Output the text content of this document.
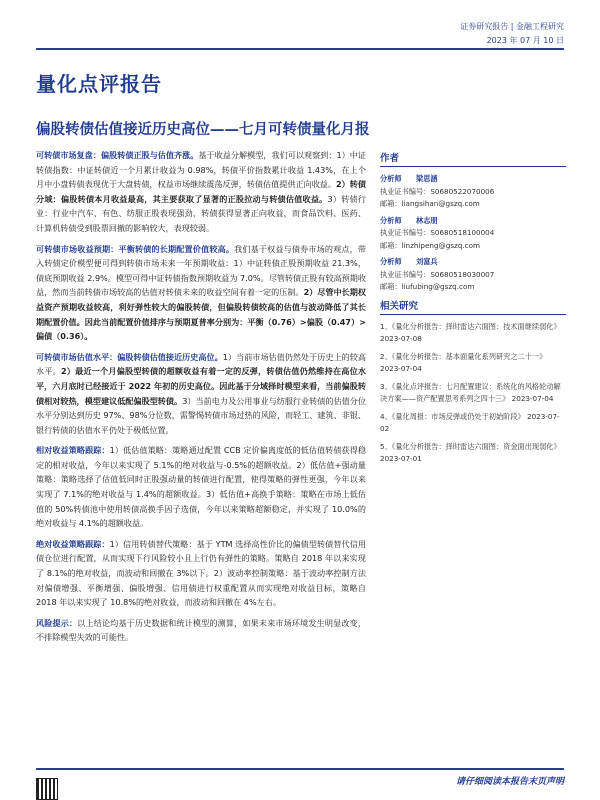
证券研究报告 | 金融工程研究
2023 年 07 月 10 日
量化点评报告
偏股转债估值接近历史高位——七月可转债量化月报

可转债市场复盘：偏股转债正股与估值齐涨。基于收益分解模型，我们可以观察到：1）中证转债指数：中证转债近一个月累计收益为 0.98%，转债平价指数累计收益 1.43%，在上个月中小盘转债表现优于大盘转债，权益市场继续震荡反弹，转债估值提供正向收益。2）转债分域：偏股转债本月收益最高，其主要获取了显著的正股拉动与转债估值收益。3）转债行业：行业中汽车、有色、纺服正股表现强劲，转债获得显著正向收益，而食品饮料、医药、计算机转债受到股票回撤的影响较大，表现较弱。

可转债市场收益预期：平衡转债的长期配置价值较高。我们基于权益与债券市场的观点，带入转债定价模型便可得到转债市场未来一年预期收益：1）中证转债正股预期收益 21.3%，债底预期收益 2.9%。模型可得中证转债指数预期收益为 7.0%。尽管转债正股有较高预期收益，然而当前转债市场较高的估值对转债未来的收益空间有着一定的压制。2）尽管中长期权益资产预期收益较高，利好弹性较大的偏股转债，但偏股转债较高的估值与波动降低了其长期配置价值。因此当前配置价值排序与预期夏普率分别为：平衡（0.76）>偏股（0.47）>偏债（0.36）。

可转债市场估值水平：偏股转债估值接近历史高位。1）当前市场估值仍然处于历史上的较高水平。2）最近一个月偏股型转债的超额收益有着一定的反弹，转债估值仍然维持在高位水平，六月底时已经接近于 2022 年初的历史高位。因此基于分域择时模型来看，当前偏股转债相对较热，模型建议低配偏股型转债。3）当前电力及公用事业与纺服行业转债的估值分位水平分别达到历史 97%、98%分位数，需警惕转债市场过热的风险，而轻工、建筑、非银、银行转债的估值水平仍处于极低位置。

相对收益策略跟踪：1）低估值策略：策略通过配置 CCB 定价偏离度低的低估值转债获得稳定的相对收益，今年以来实现了 5.1%的绝对收益与-0.5%的超额收益。2）低估值+强动量策略：策略选择了估值低同时正股强动量的转债进行配置，使得策略的弹性更强，今年以来实现了 7.1%的绝对收益与 1.4%的超额收益。3）低估值+高换手策略：策略在市场上低估值的 50%转债池中使用转债高换手因子选债，今年以来策略超额稳定，并实现了 10.0%的绝对收益与 4.1%的超额收益。

绝对收益策略跟踪：1）信用转债替代策略：基于 YTM 选择高性价比的偏债型转债替代信用债仓位进行配置，从而实现下行风险较小且上行仍有弹性的策略。策略自 2018 年以来实现了 8.1%的绝对收益，而波动和回撤在 3%以下。2）波动率控制策略：基于波动率控制方法对偏债增强、平衡增强、偏股增强、信用债进行权重配置从而实现绝对收益目标，策略自 2018 年以来实现了 10.8%的绝对收益，而波动和回撤在 4%左右。

风险提示：以上结论均基于历史数据和统计模型的测算，如果未来市场环境发生明显改变，不排除模型失效的可能性。

作者
分析师 梁思涵
执业证书编号：S0680522070006
邮箱：liangsihan@gszq.com
分析师 林志朋
执业证书编号：S0680518100004
邮箱：linzhipeng@gszq.com
分析师 刘富兵
执业证书编号：S0680518030007
邮箱：liufubing@gszq.com
相关研究
1、《量化分析报告：择时雷达六面图：技术面继续弱化》 2023-07-08
2、《量化分析报告：基本面量化系列研究之二十一》 2023-07-04
3、《量化点评报告：七月配置建议：系统化的风格轮动解决方案——资产配置思考系列之四十三》 2023-07-04
4、《量化周报：市场反弹或仍处于初始阶段》 2023-07-02
5、《量化分析报告：择时雷达六面图：资金面出现弱化》 2023-07-01
请仔细阅读本报告末页声明
